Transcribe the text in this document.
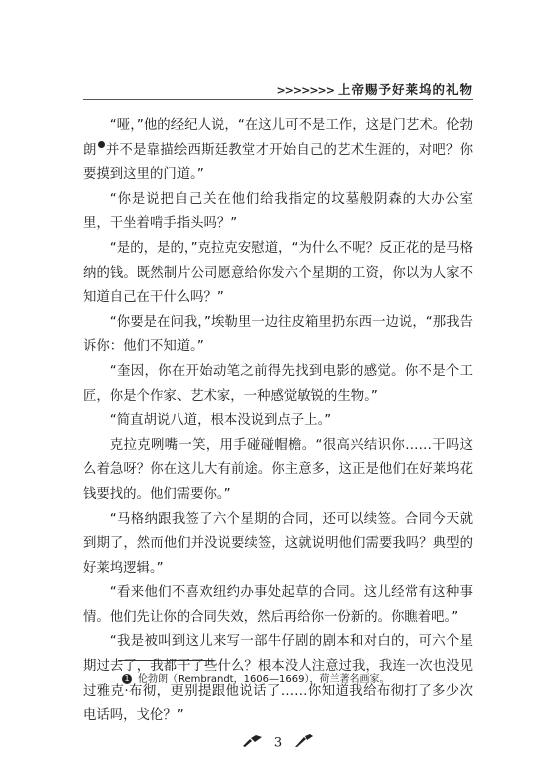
>>>>>>> 上帝赐予好莱坞的礼物

“哑，”他的经纪人说，“在这儿可不是工作，这是门艺术。伦勃朗 并不是靠描绘西斯廷教堂才开始自己的艺术生涯的，对吧？你要摸到这里的门道。”

“你是说把自己关在他们给我指定的坟墓般阴森的大办公室里，干坐着啃手指头吗？”

“是的，是的，”克拉克安慰道，“为什么不呢？反正花的是马格纳的钱。既然制片公司愿意给你发六个星期的工资，你以为人家不知道自己在干什么吗？”

“你要是在问我，”埃勒里一边往皮箱里扔东西一边说，“那我告诉你：他们不知道。”

“奎因，你在开始动笔之前得先找到电影的感觉。你不是个工匠，你是个作家、艺术家，一种感觉敏锐的生物。”

“简直胡说八道，根本没说到点子上。”

克拉克咧嘴一笑，用手碰碰帽檐。“很高兴结识你……干吗这么着急呀？你在这儿大有前途。你主意多，这正是他们在好莱坞花钱要找的。他们需要你。”

“马格纳跟我签了六个星期的合同，还可以续签。合同今天就到期了，然而他们并没说要续签，这就说明他们需要我吗？典型的好莱坞逻辑。”

“看来他们不喜欢纽约办事处起草的合同。这儿经常有这种事情。他们先让你的合同失效，然后再给你一份新的。你瞧着吧。”

“我是被叫到这儿来写一部牛仔剧的剧本和对白的，可六个星期过去了，我都干了些什么？根本没人注意过我，我连一次也没见过雅克·布彻，更别提跟他说话了……你知道我给布彻打了多少次电话吗，戈伦？”

1 伦勃朗（Rembrandt，1606—1669），荷兰著名画家。
3
